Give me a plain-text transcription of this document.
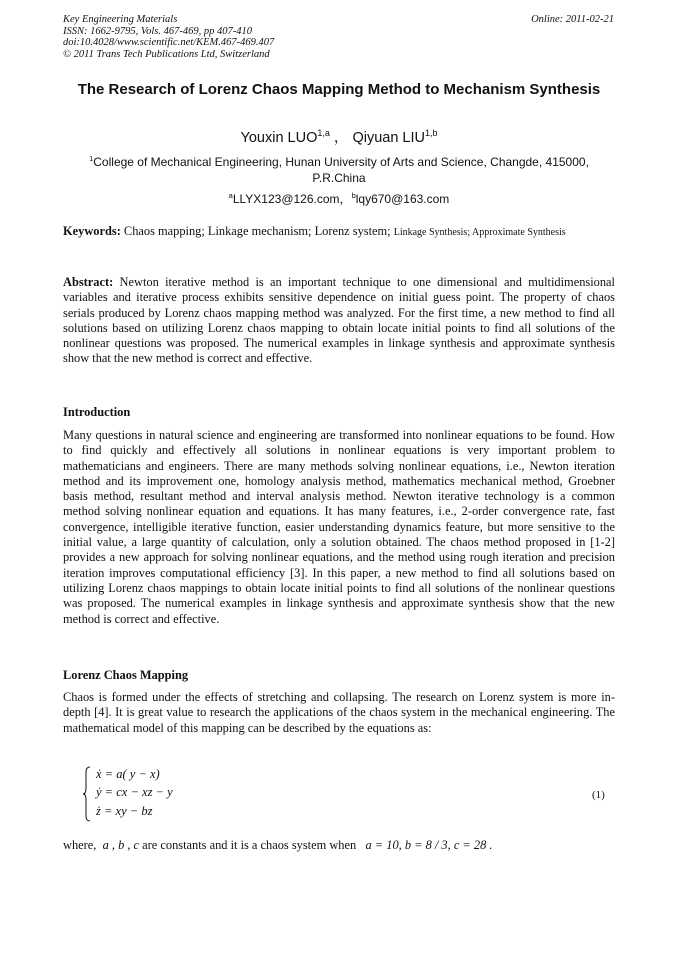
Key Engineering Materials
ISSN: 1662-9795, Vols. 467-469, pp 407-410
doi:10.4028/www.scientific.net/KEM.467-469.407
© 2011 Trans Tech Publications Ltd, Switzerland
Online: 2011-02-21
The Research of Lorenz Chaos Mapping Method to Mechanism Synthesis
Youxin LUO$^{1,a}$ ， Qiyuan LIU$^{1,b}$
$^1$College of Mechanical Engineering, Hunan University of Arts and Science, Changde, 415000, P.R.China
$^a$LLYX123@126.com，$^b$lqy670@163.com
Keywords: Chaos mapping; Linkage mechanism; Lorenz system; Linkage Synthesis; Approximate Synthesis
Abstract: Newton iterative method is an important technique to one dimensional and multidimensional variables and iterative process exhibits sensitive dependence on initial guess point. The property of chaos serials produced by Lorenz chaos mapping method was analyzed. For the first time, a new method to find all solutions based on utilizing Lorenz chaos mapping to obtain locate initial points to find all solutions of the nonlinear questions was proposed. The numerical examples in linkage synthesis and approximate synthesis show that the new method is correct and effective.
Introduction
Many questions in natural science and engineering are transformed into nonlinear equations to be found. How to find quickly and effectively all solutions in nonlinear equations is very important problem to mathematicians and engineers. There are many methods solving nonlinear equations, i.e., Newton iteration method and its improvement one, homology analysis method, mathematics mechanical method, Groebner basis method, resultant method and interval analysis method. Newton iterative technology is a common method solving nonlinear equation and equations. It has many features, i.e., 2-order convergence rate, fast convergence, intelligible iterative function, easier understanding dynamics feature, but more sensitive to the initial value, a large quantity of calculation, only a solution obtained. The chaos method proposed in [1-2] provides a new approach for solving nonlinear equations, and the method using rough iteration and precision iteration improves computational efficiency [3]. In this paper, a new method to find all solutions based on utilizing Lorenz chaos mappings to obtain locate initial points to find all solutions of the nonlinear questions was proposed. The numerical examples in linkage synthesis and approximate synthesis show that the new method is correct and effective.
Lorenz Chaos Mapping
Chaos is formed under the effects of stretching and collapsing. The research on Lorenz system is more in-depth [4]. It is great value to research the applications of the chaos system in the mechanical engineering. The mathematical model of this mapping can be described by the equations as:
ẋ = a( y − x)
ẏ = cx − xz − y
ż = xy − bz
(1)
where, a , b , c are constants and it is a chaos system when   a = 10, b = 8 / 3, c = 28 .
